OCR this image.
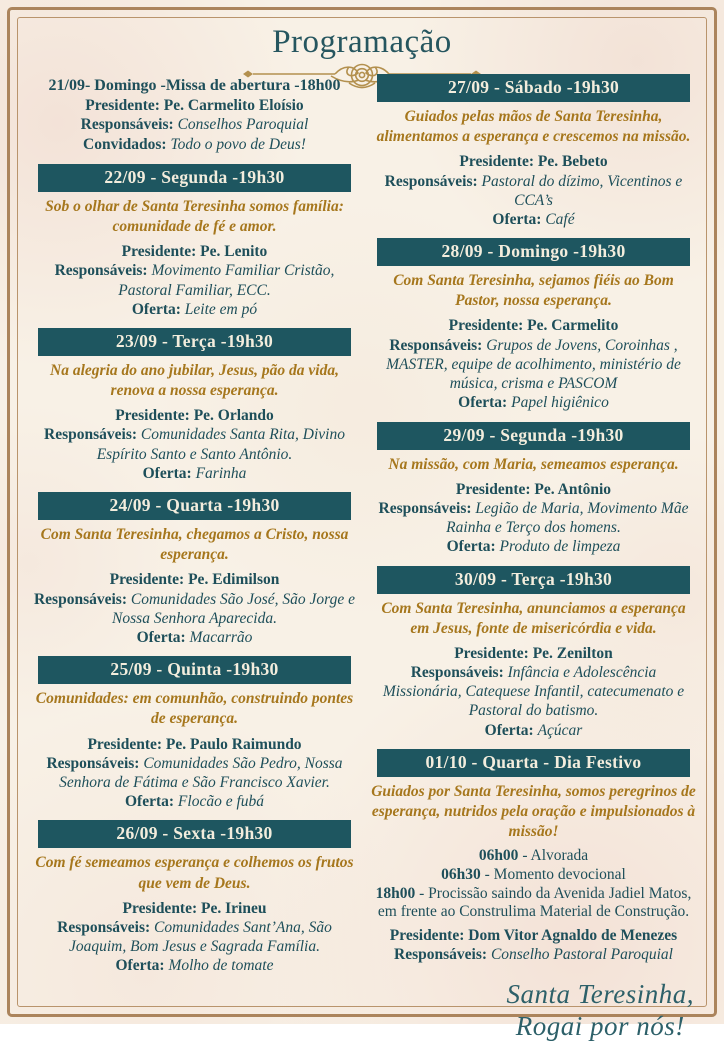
Programação
21/09- Domingo -Missa de abertura -18h00
Presidente: Pe. Carmelito Eloísio
Responsáveis: Conselhos Paroquial
Convidados: Todo o povo de Deus!
22/09 - Segunda -19h30
Sob o olhar de Santa Teresinha somos família: comunidade de fé e amor.
Presidente: Pe. Lenito
Responsáveis: Movimento Familiar Cristão, Pastoral Familiar, ECC.
Oferta: Leite em pó
23/09 - Terça -19h30
Na alegria do ano jubilar, Jesus, pão da vida, renova a nossa esperança.
Presidente: Pe. Orlando
Responsáveis: Comunidades Santa Rita, Divino Espírito Santo e Santo Antônio.
Oferta: Farinha
24/09 - Quarta -19h30
Com Santa Teresinha, chegamos a Cristo, nossa esperança.
Presidente: Pe. Edimilson
Responsáveis: Comunidades São José, São Jorge e Nossa Senhora Aparecida.
Oferta: Macarrão
25/09 - Quinta -19h30
Comunidades: em comunhão, construindo pontes de esperança.
Presidente: Pe. Paulo Raimundo
Responsáveis: Comunidades São Pedro, Nossa Senhora de Fátima e São Francisco Xavier.
Oferta: Flocão e fubá
26/09 - Sexta -19h30
Com fé semeamos esperança e colhemos os frutos que vem de Deus.
Presidente: Pe. Irineu
Responsáveis: Comunidades Sant’Ana, São Joaquim, Bom Jesus e Sagrada Família.
Oferta: Molho de tomate
27/09 - Sábado -19h30
Guiados pelas mãos de Santa Teresinha, alimentamos a esperança e crescemos na missão.
Presidente: Pe. Bebeto
Responsáveis: Pastoral do dízimo, Vicentinos e CCA’s
Oferta: Café
28/09 - Domingo -19h30
Com Santa Teresinha, sejamos fiéis ao Bom Pastor, nossa esperança.
Presidente: Pe. Carmelito
Responsáveis: Grupos de Jovens, Coroinhas , MASTER, equipe de acolhimento, ministério de música, crisma e PASCOM
Oferta: Papel higiênico
29/09 - Segunda -19h30
Na missão, com Maria, semeamos esperança.
Presidente: Pe. Antônio
Responsáveis: Legião de Maria, Movimento Mãe Rainha e Terço dos homens.
Oferta: Produto de limpeza
30/09 - Terça -19h30
Com Santa Teresinha, anunciamos a esperança em Jesus, fonte de misericórdia e vida.
Presidente: Pe. Zenilton
Responsáveis: Infância e Adolescência Missionária, Catequese Infantil, catecumenato e Pastoral do batismo.
Oferta: Açúcar
01/10 - Quarta - Dia Festivo
Guiados por Santa Teresinha, somos peregrinos de esperança, nutridos pela oração e impulsionados à missão!
06h00 - Alvorada
06h30 - Momento devocional
18h00 - Procissão saindo da Avenida Jadiel Matos, em frente ao Construlima Material de Construção.
Presidente: Dom Vitor Agnaldo de Menezes
Responsáveis: Conselho Pastoral Paroquial
Santa Teresinha,
Rogai por nós!
